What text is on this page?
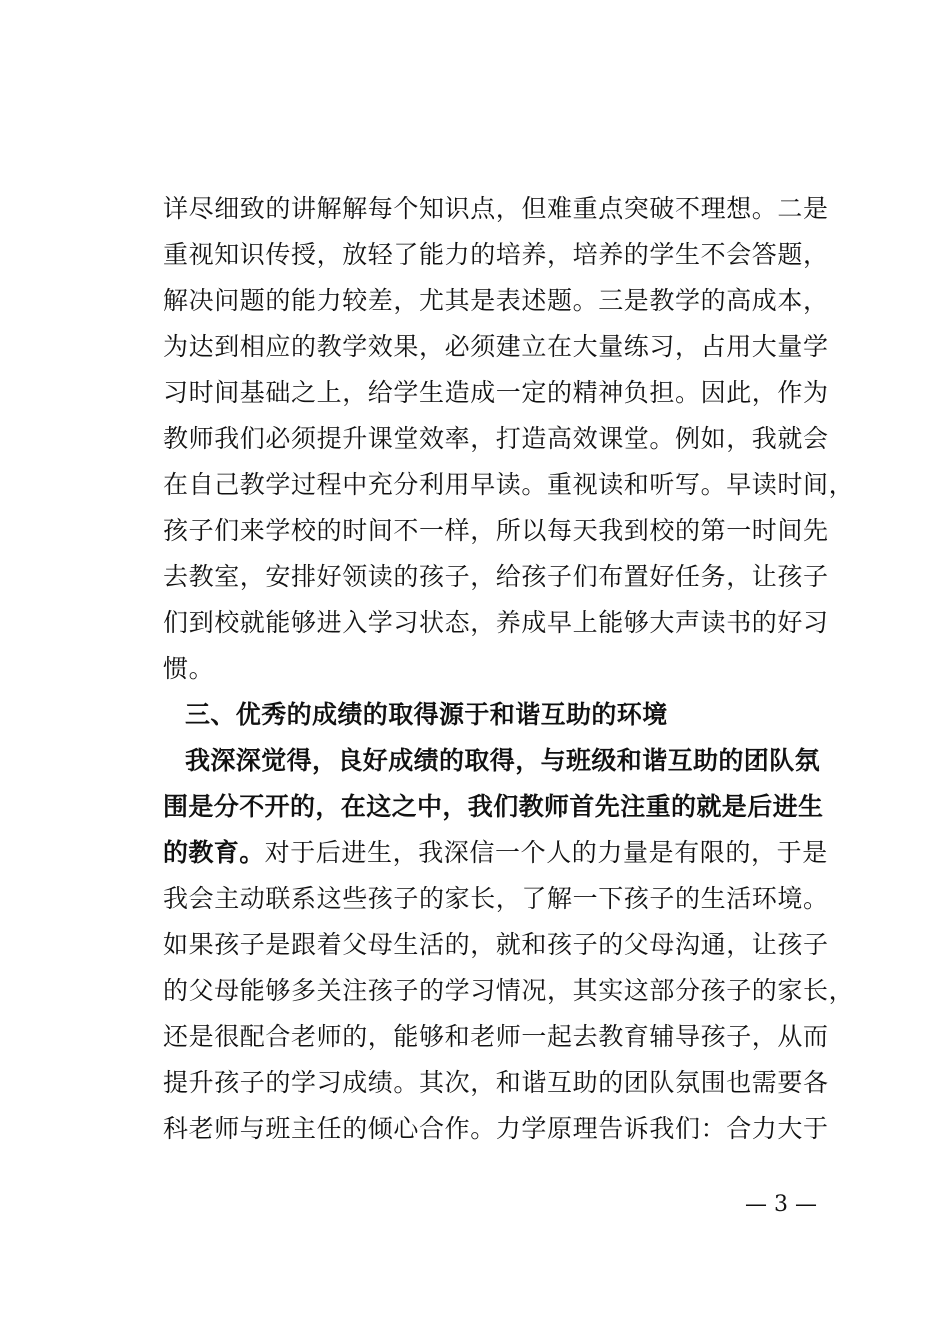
详尽细致的讲解解每个知识点，但难重点突破不理想。二是
重视知识传授，放轻了能力的培养，培养的学生不会答题，
解决问题的能力较差，尤其是表述题。三是教学的高成本，
为达到相应的教学效果，必须建立在大量练习，占用大量学
习时间基础之上，给学生造成一定的精神负担。因此，作为
教师我们必须提升课堂效率，打造高效课堂。例如，我就会
在自己教学过程中充分利用早读。重视读和听写。早读时间，
孩子们来学校的时间不一样，所以每天我到校的第一时间先
去教室，安排好领读的孩子，给孩子们布置好任务，让孩子
们到校就能够进入学习状态，养成早上能够大声读书的好习
惯。
三、优秀的成绩的取得源于和谐互助的环境
我深深觉得，良好成绩的取得，与班级和谐互助的团队氛
围是分不开的，在这之中，我们教师首先注重的就是后进生
的教育。对于后进生，我深信一个人的力量是有限的，于是
我会主动联系这些孩子的家长，了解一下孩子的生活环境。
如果孩子是跟着父母生活的，就和孩子的父母沟通，让孩子
的父母能够多关注孩子的学习情况，其实这部分孩子的家长，
还是很配合老师的，能够和老师一起去教育辅导孩子，从而
提升孩子的学习成绩。其次，和谐互助的团队氛围也需要各
科老师与班主任的倾心合作。力学原理告诉我们：合力大于
— 3 —
